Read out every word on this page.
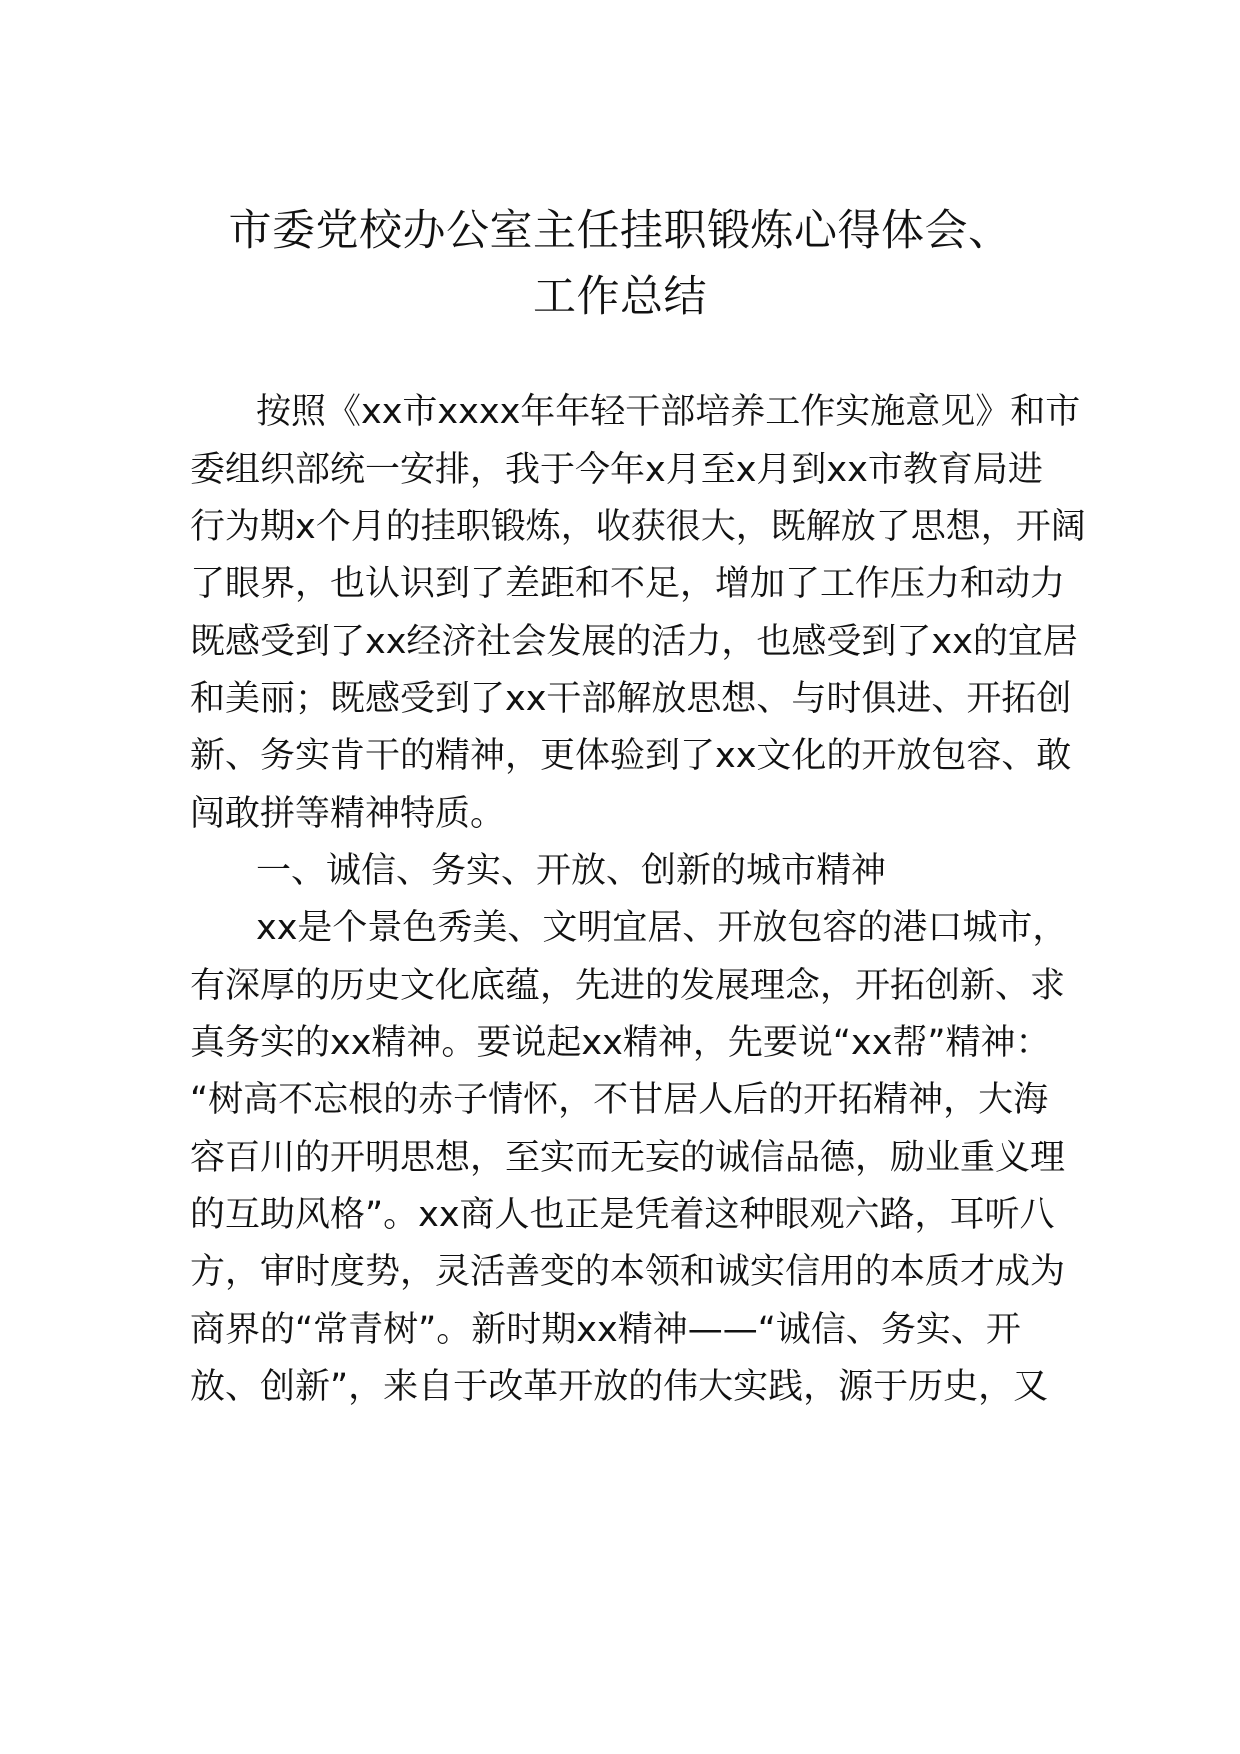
市委党校办公室主任挂职锻炼心得体会、
工作总结
按照《xx市xxxx年年轻干部培养工作实施意见》和市
委组织部统一安排，我于今年x月至x月到xx市教育局进
行为期x个月的挂职锻炼，收获很大，既解放了思想，开阔
了眼界，也认识到了差距和不足，增加了工作压力和动力
既感受到了xx经济社会发展的活力，也感受到了xx的宜居
和美丽；既感受到了xx干部解放思想、与时俱进、开拓创
新、务实肯干的精神，更体验到了xx文化的开放包容、敢
闯敢拼等精神特质。
一、诚信、务实、开放、创新的城市精神
xx是个景色秀美、文明宜居、开放包容的港口城市，
有深厚的历史文化底蕴，先进的发展理念，开拓创新、求
真务实的xx精神。要说起xx精神，先要说“xx帮”精神：
“树高不忘根的赤子情怀，不甘居人后的开拓精神，大海
容百川的开明思想，至实而无妄的诚信品德，励业重义理
的互助风格”。xx商人也正是凭着这种眼观六路，耳听八
方，审时度势，灵活善变的本领和诚实信用的本质才成为
商界的“常青树”。新时期xx精神——“诚信、务实、开
放、创新”，来自于改革开放的伟大实践，源于历史，又
